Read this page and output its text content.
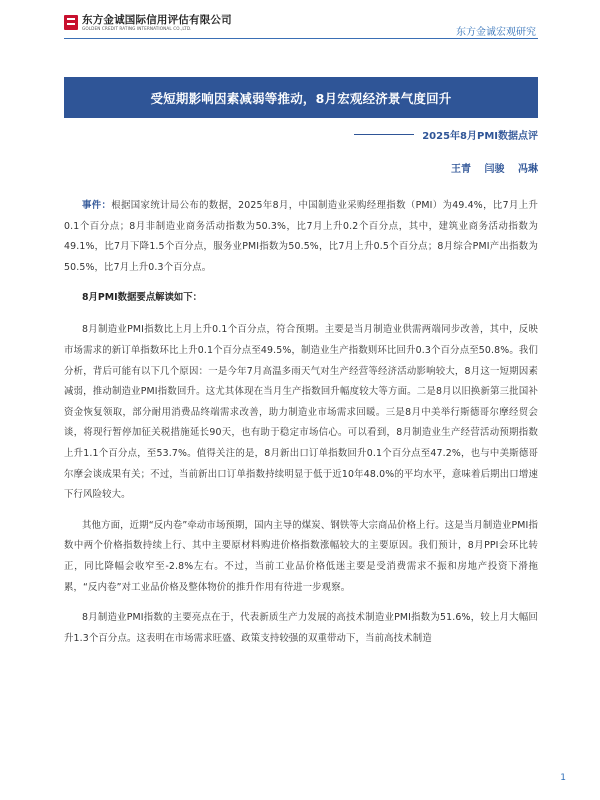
东方金诚国际信用评估有限公司
GOLDEN CREDIT RATING INTERNATIONAL CO.,LTD.	东方金诚宏观研究
受短期影响因素减弱等推动，8月宏观经济景气度回升
2025年8月PMI数据点评
王青 闫骏 冯琳

事件：根据国家统计局公布的数据，2025年8月，中国制造业采购经理指数（PMI）为49.4%，比7月上升0.1个百分点；8月非制造业商务活动指数为50.3%，比7月上升0.2个百分点，其中，建筑业商务活动指数为49.1%，比7月下降1.5个百分点，服务业PMI指数为50.5%，比7月上升0.5个百分点；8月综合PMI产出指数为50.5%，比7月上升0.3个百分点。

8月PMI数据要点解读如下：

8月制造业PMI指数比上月上升0.1个百分点，符合预期。主要是当月制造业供需两端同步改善，其中，反映市场需求的新订单指数环比上升0.1个百分点至49.5%，制造业生产指数则环比回升0.3个百分点至50.8%。我们分析，背后可能有以下几个原因：一是今年7月高温多雨天气对生产经营等经济活动影响较大，8月这一短期因素减弱，推动制造业PMI指数回升。这尤其体现在当月生产指数回升幅度较大等方面。二是8月以旧换新第三批国补资金恢复领取，部分耐用消费品终端需求改善，助力制造业市场需求回暖。三是8月中美举行斯德哥尔摩经贸会谈，将现行暂停加征关税措施延长90天，也有助于稳定市场信心。可以看到，8月制造业生产经营活动预期指数上升1.1个百分点，至53.7%。值得关注的是，8月新出口订单指数回升0.1个百分点至47.2%，也与中美斯德哥尔摩会谈成果有关；不过，当前新出口订单指数持续明显于低于近10年48.0%的平均水平，意味着后期出口增速下行风险较大。

其他方面，近期“反内卷”牵动市场预期，国内主导的煤炭、钢铁等大宗商品价格上行。这是当月制造业PMI指数中两个价格指数持续上行、其中主要原材料购进价格指数涨幅较大的主要原因。我们预计，8月PPI会环比转正，同比降幅会收窄至-2.8%左右。不过，当前工业品价格低迷主要是受消费需求不振和房地产投资下滑拖累，“反内卷”对工业品价格及整体物价的推升作用有待进一步观察。

8月制造业PMI指数的主要亮点在于，代表新质生产力发展的高技术制造业PMI指数为51.6%，较上月大幅回升1.3个百分点。这表明在市场需求旺盛、政策支持较强的双重带动下，当前高技术制造

1
